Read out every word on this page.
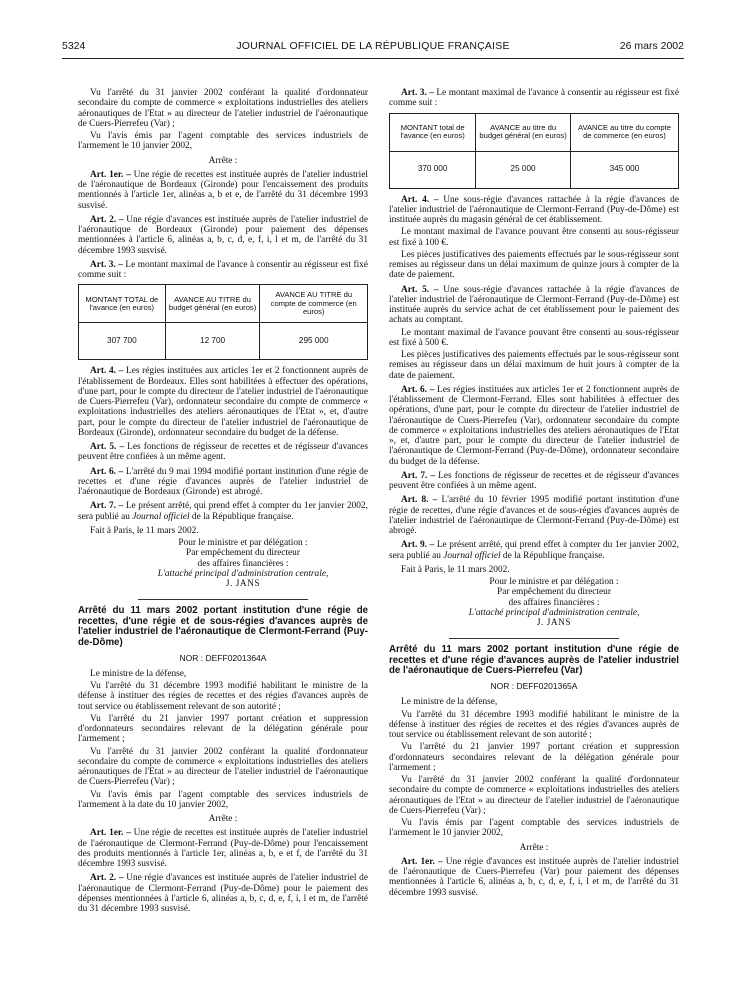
5324	JOURNAL OFFICIEL DE LA RÉPUBLIQUE FRANÇAISE	26 mars 2002

Vu l'arrêté du 31 janvier 2002 conférant la qualité d'ordonnateur secondaire du compte de commerce « exploitations industrielles des ateliers aéronautiques de l'Etat » au directeur de l'atelier industriel de l'aéronautique de Cuers-Pierrefeu (Var) ;

Vu l'avis émis par l'agent comptable des services industriels de l'armement le 10 janvier 2002,

Arrête :

Art. 1er. – Une régie de recettes est instituée auprès de l'atelier industriel de l'aéronautique de Bordeaux (Gironde) pour l'encaissement des produits mentionnés à l'article 1er, alinéas a, b et e, de l'arrêté du 31 décembre 1993 susvisé.

Art. 2. – Une régie d'avances est instituée auprès de l'atelier industriel de l'aéronautique de Bordeaux (Gironde) pour paiement des dépenses mentionnées à l'article 6, alinéas a, b, c, d, e, f, i, l et m, de l'arrêté du 31 décembre 1993 susvisé.

Art. 3. – Le montant maximal de l'avance à consentir au régisseur est fixé comme suit :

MONTANT TOTAL de l'avance (en euros)	AVANCE AU TITRE du budget général (en euros)	AVANCE AU TITRE du compte de commerce (en euros)
307 700	12 700	295 000

Art. 4. – Les régies instituées aux articles 1er et 2 fonctionnent auprès de l'établissement de Bordeaux. Elles sont habilitées à effectuer des opérations, d'une part, pour le compte du directeur de l'atelier industriel de l'aéronautique de Cuers-Pierrefeu (Var), ordonnateur secondaire du compte de commerce « exploitations industrielles des ateliers aéronautiques de l'Etat », et, d'autre part, pour le compte du directeur de l'atelier industriel de l'aéronautique de Bordeaux (Gironde), ordonnateur secondaire du budget de la défense.

Art. 5. – Les fonctions de régisseur de recettes et de régisseur d'avances peuvent être confiées à un même agent.

Art. 6. – L'arrêté du 9 mai 1994 modifié portant institution d'une régie de recettes et d'une régie d'avances auprès de l'atelier industriel de l'aéronautique de Bordeaux (Gironde) est abrogé.

Art. 7. – Le présent arrêté, qui prend effet à compter du 1er janvier 2002, sera publié au Journal officiel de la République française.

Fait à Paris, le 11 mars 2002.

Pour le ministre et par délégation :
Par empêchement du directeur
des affaires financières :
L'attaché principal d'administration centrale,
J. JANS
Arrêté du 11 mars 2002 portant institution d'une régie de recettes, d'une régie et de sous-régies d'avances auprès de l'atelier industriel de l'aéronautique de Clermont-Ferrand (Puy-de-Dôme)

NOR : DEFF0201364A

Le ministre de la défense,

Vu l'arrêté du 31 décembre 1993 modifié habilitant le ministre de la défense à instituer des régies de recettes et des régies d'avances auprès de tout service ou établissement relevant de son autorité ;

Vu l'arrêté du 21 janvier 1997 portant création et suppression d'ordonnateurs secondaires relevant de la délégation générale pour l'armement ;

Vu l'arrêté du 31 janvier 2002 conférant la qualité d'ordonnateur secondaire du compte de commerce « exploitations industrielles des ateliers aéronautiques de l'Etat » au directeur de l'atelier industriel de l'aéronautique de Cuers-Pierrefeu (Var) ;

Vu l'avis émis par l'agent comptable des services industriels de l'armement à la date du 10 janvier 2002,

Arrête :

Art. 1er. – Une régie de recettes est instituée auprès de l'atelier industriel de l'aéronautique de Clermont-Ferrand (Puy-de-Dôme) pour l'encaissement des produits mentionnés à l'article 1er, alinéas a, b, e et f, de l'arrêté du 31 décembre 1993 susvisé.

Art. 2. – Une régie d'avances est instituée auprès de l'atelier industriel de l'aéronautique de Clermont-Ferrand (Puy-de-Dôme) pour le paiement des dépenses mentionnées à l'article 6, alinéas a, b, c, d, e, f, i, l et m, de l'arrêté du 31 décembre 1993 susvisé.

Art. 3. – Le montant maximal de l'avance à consentir au régisseur est fixé comme suit :

MONTANT total de l'avance (en euros)	AVANCE au titre du budget général (en euros)	AVANCE au titre du compte de commerce (en euros)
370 000	25 000	345 000

Art. 4. – Une sous-régie d'avances rattachée à la régie d'avances de l'atelier industriel de l'aéronautique de Clermont-Ferrand (Puy-de-Dôme) est instituée auprès du magasin général de cet établissement.

Le montant maximal de l'avance pouvant être consenti au sous-régisseur est fixé à 100 €.

Les pièces justificatives des paiements effectués par le sous-régisseur sont remises au régisseur dans un délai maximum de quinze jours à compter de la date de paiement.

Art. 5. – Une sous-régie d'avances rattachée à la régie d'avances de l'atelier industriel de l'aéronautique de Clermont-Ferrand (Puy-de-Dôme) est instituée auprès du service achat de cet établissement pour le paiement des achats au comptant.

Le montant maximal de l'avance pouvant être consenti au sous-régisseur est fixé à 500 €.

Les pièces justificatives des paiements effectués par le sous-régisseur sont remises au régisseur dans un délai maximum de huit jours à compter de la date de paiement.

Art. 6. – Les régies instituées aux articles 1er et 2 fonctionnent auprès de l'établissement de Clermont-Ferrand. Elles sont habilitées à effectuer des opérations, d'une part, pour le compte du directeur de l'atelier industriel de l'aéronautique de Cuers-Pierrefeu (Var), ordonnateur secondaire du compte de commerce « exploitations industrielles des ateliers aéronautiques de l'Etat », et, d'autre part, pour le compte du directeur de l'atelier industriel de l'aéronautique de Clermont-Ferrand (Puy-de-Dôme), ordonnateur secondaire du budget de la défense.

Art. 7. – Les fonctions de régisseur de recettes et de régisseur d'avances peuvent être confiées à un même agent.

Art. 8. – L'arrêté du 10 février 1995 modifié portant institution d'une régie de recettes, d'une régie d'avances et de sous-régies d'avances auprès de l'atelier industriel de l'aéronautique de Clermont-Ferrand (Puy-de-Dôme) est abrogé.

Art. 9. – Le présent arrêté, qui prend effet à compter du 1er janvier 2002, sera publié au Journal officiel de la République française.

Fait à Paris, le 11 mars 2002.

Pour le ministre et par délégation :
Par empêchement du directeur
des affaires financières :
L'attaché principal d'administration centrale,
J. JANS
Arrêté du 11 mars 2002 portant institution d'une régie de recettes et d'une régie d'avances auprès de l'atelier industriel de l'aéronautique de Cuers-Pierrefeu (Var)

NOR : DEFF0201365A

Le ministre de la défense,

Vu l'arrêté du 31 décembre 1993 modifié habilitant le ministre de la défense à instituer des régies de recettes et des régies d'avances auprès de tout service ou établissement relevant de son autorité ;

Vu l'arrêté du 21 janvier 1997 portant création et suppression d'ordonnateurs secondaires relevant de la délégation générale pour l'armement ;

Vu l'arrêté du 31 janvier 2002 conférant la qualité d'ordonnateur secondaire du compte de commerce « exploitations industrielles des ateliers aéronautiques de l'Etat » au directeur de l'atelier industriel de l'aéronautique de Cuers-Pierrefeu (Var) ;

Vu l'avis émis par l'agent comptable des services industriels de l'armement le 10 janvier 2002,

Arrête :

Art. 1er. – Une régie d'avances est instituée auprès de l'atelier industriel de l'aéronautique de Cuers-Pierrefeu (Var) pour paiement des dépenses mentionnées à l'article 6, alinéas a, b, c, d, e, f, i, l et m, de l'arrêté du 31 décembre 1993 susvisé.
